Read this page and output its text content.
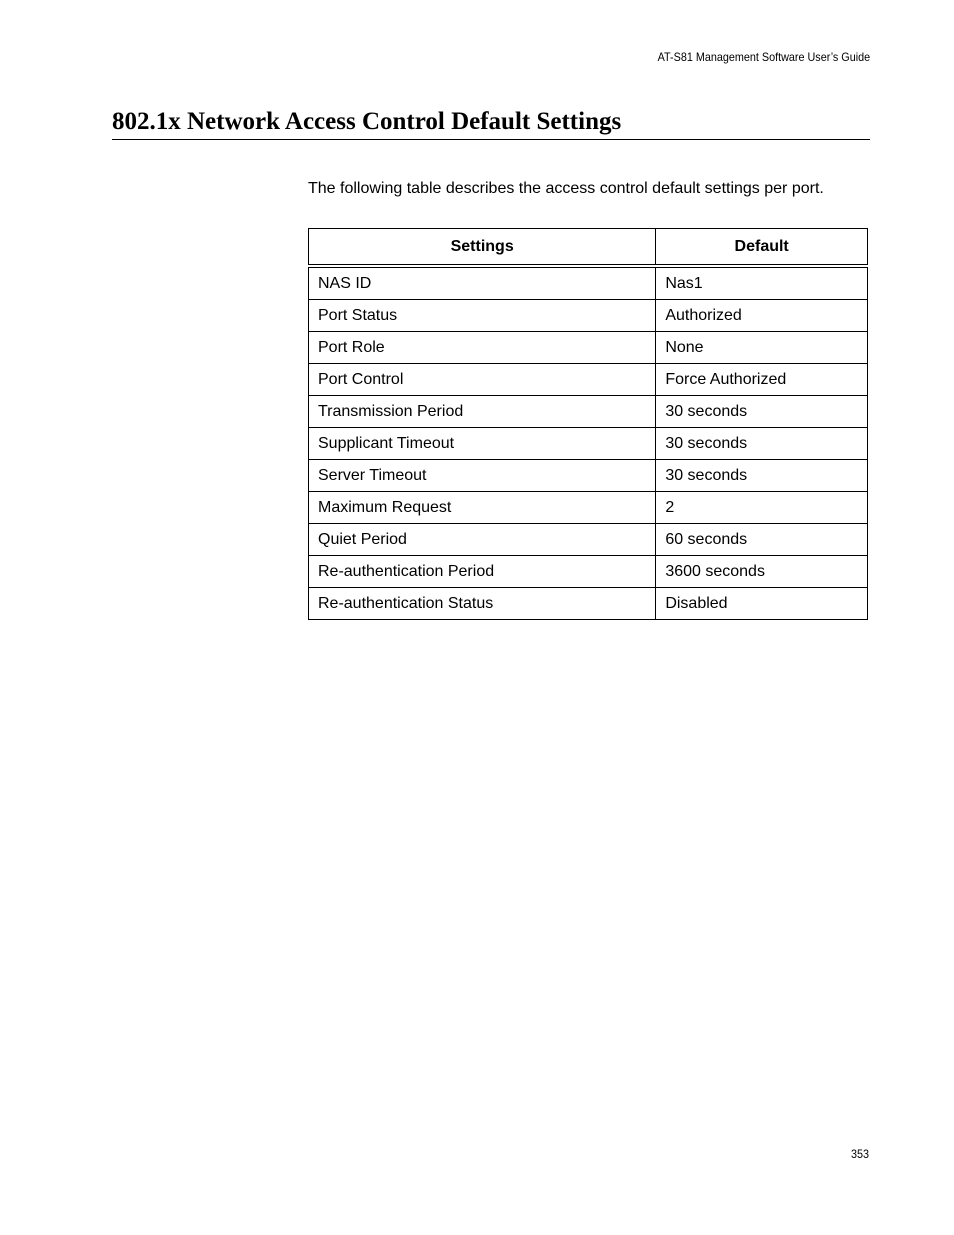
AT-S81 Management Software User’s Guide
802.1x Network Access Control Default Settings

The following table describes the access control default settings per port.

Settings	Default
NAS ID	Nas1
Port Status	Authorized
Port Role	None
Port Control	Force Authorized
Transmission Period	30 seconds
Supplicant Timeout	30 seconds
Server Timeout	30 seconds
Maximum Request	2
Quiet Period	60 seconds
Re-authentication Period	3600 seconds
Re-authentication Status	Disabled
353
